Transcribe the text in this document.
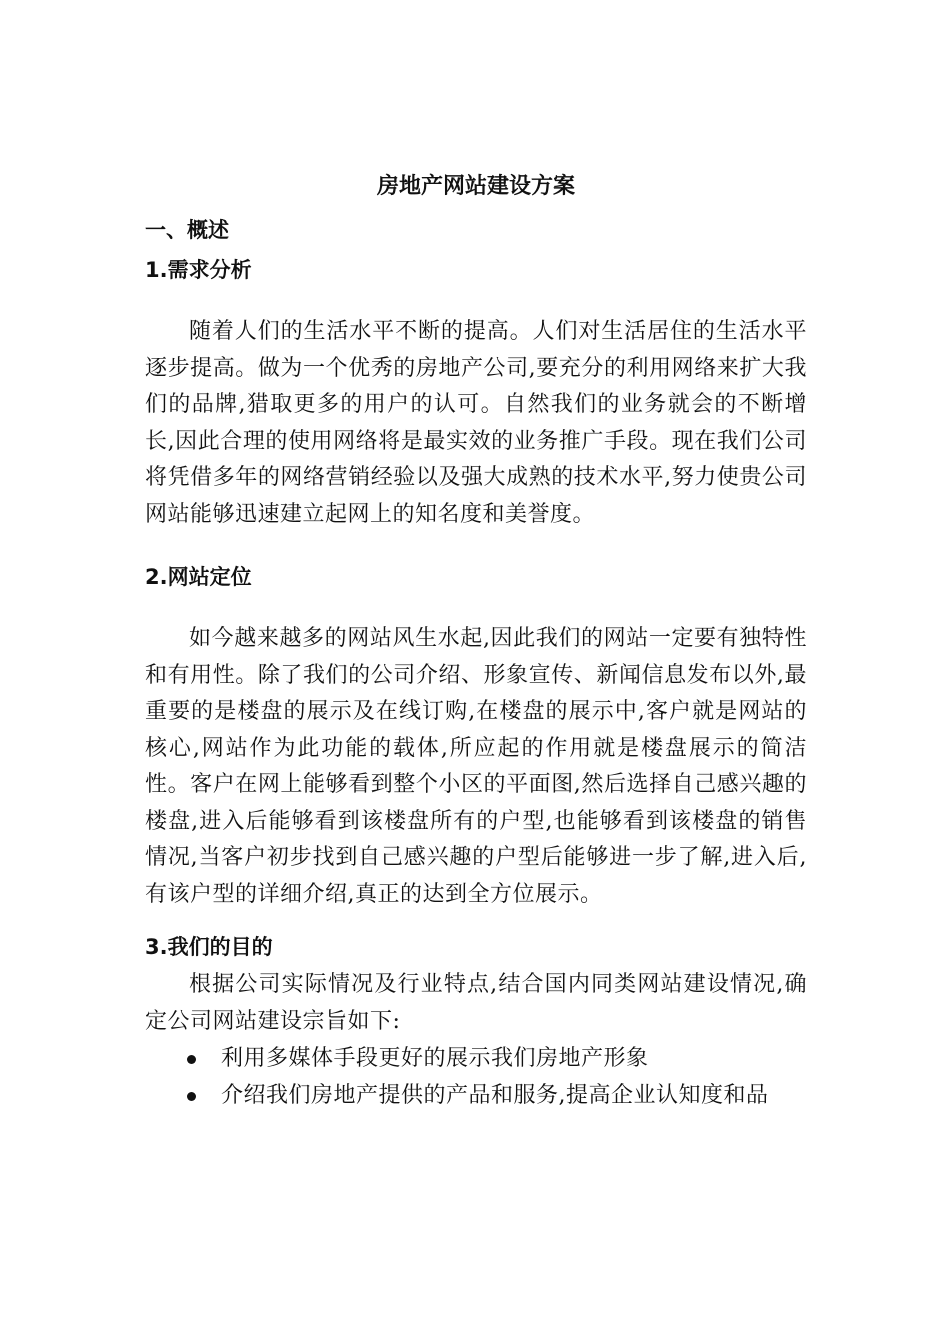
房地产网站建设方案
一、概述
1.需求分析

随着人们的生活水平不断的提高。人们对生活居住的生活水平逐步提高。做为一个优秀的房地产公司,要充分的利用网络来扩大我们的品牌,猎取更多的用户的认可。自然我们的业务就会的不断增长,因此合理的使用网络将是最实效的业务推广手段。现在我们公司将凭借多年的网络营销经验以及强大成熟的技术水平,努力使贵公司网站能够迅速建立起网上的知名度和美誉度。

2.网站定位

如今越来越多的网站风生水起,因此我们的网站一定要有独特性和有用性。除了我们的公司介绍、形象宣传、新闻信息发布以外,最重要的是楼盘的展示及在线订购,在楼盘的展示中,客户就是网站的核心,网站作为此功能的载体,所应起的作用就是楼盘展示的简洁性。客户在网上能够看到整个小区的平面图,然后选择自己感兴趣的楼盘,进入后能够看到该楼盘所有的户型,也能够看到该楼盘的销售情况,当客户初步找到自己感兴趣的户型后能够进一步了解,进入后,有该户型的详细介绍,真正的达到全方位展示。

3.我们的目的

根据公司实际情况及行业特点,结合国内同类网站建设情况,确定公司网站建设宗旨如下:

利用多媒体手段更好的展示我们房地产形象
介绍我们房地产提供的产品和服务,提高企业认知度和品
